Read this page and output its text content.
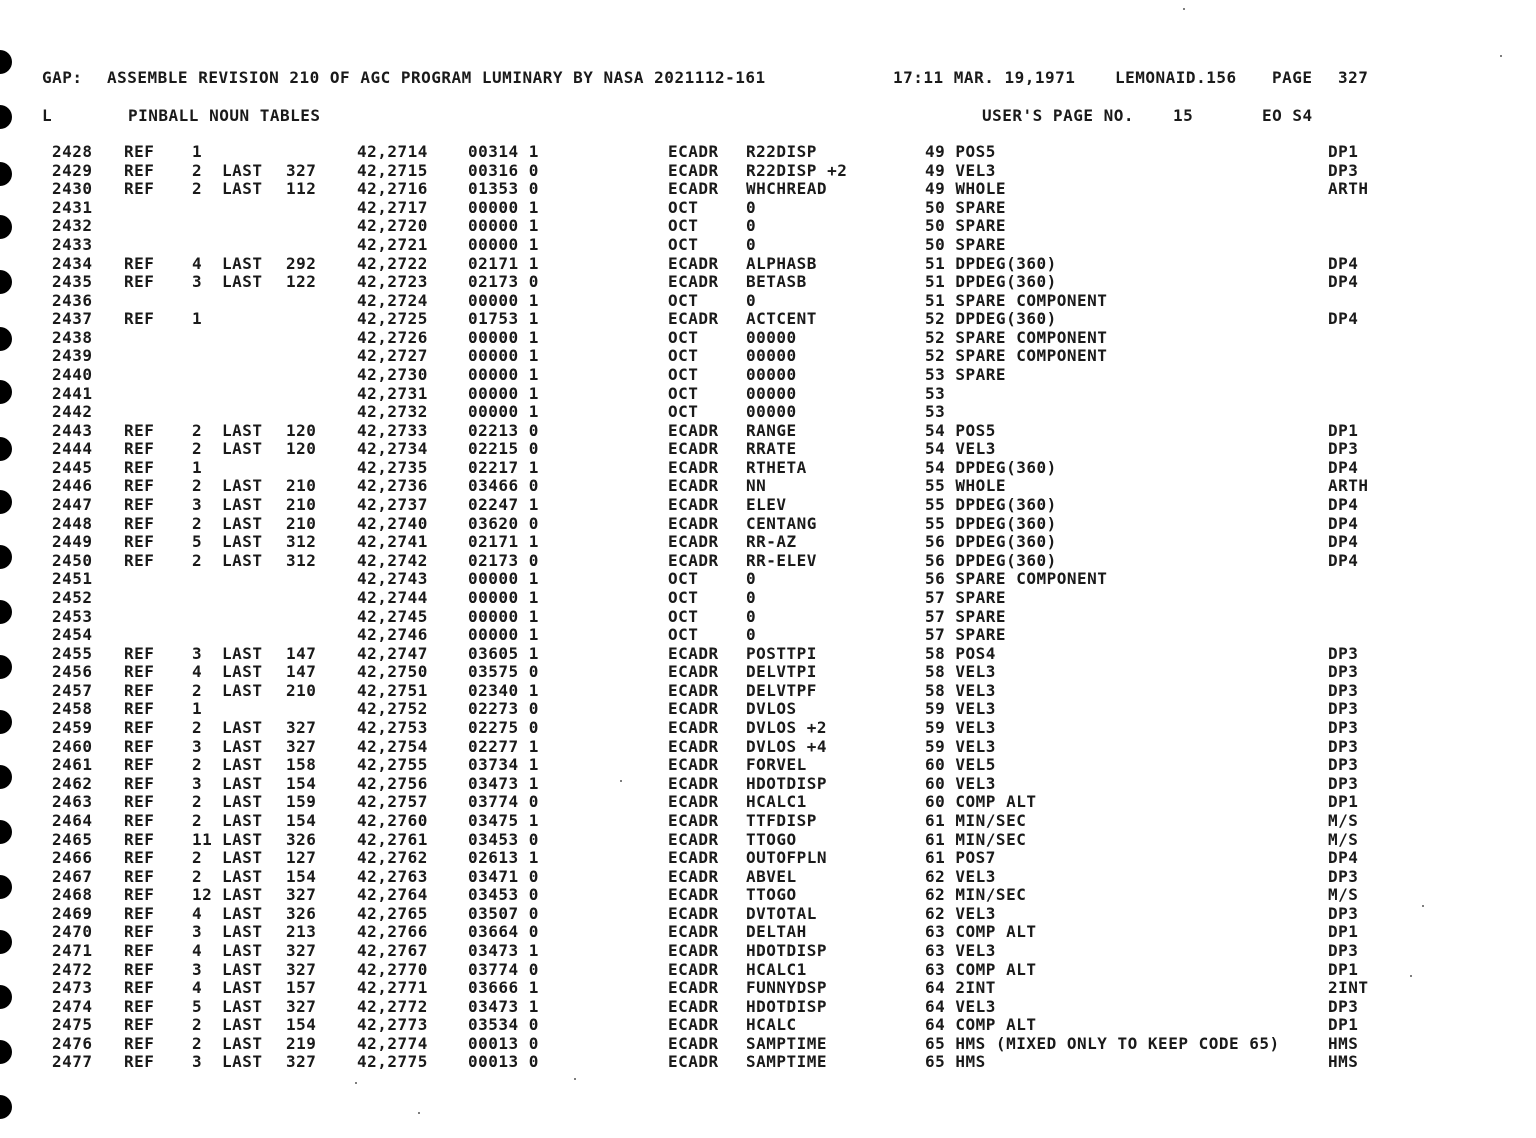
GAP:

ASSEMBLE REVISION 210 OF AGC PROGRAM LUMINARY BY NASA 2021112-161

	17:11 MAR. 19,1971

LEMONAID.156

PAGE

327

L

	PINBALL NOUN TABLES

	USER'S PAGE NO.

15

	EO S4

2428 REF 1	42,2714	00314 1	ECADR R22DISP	49 POS5	DP1
2429 REF 2 LAST 327	42,2715	00316 0	ECADR R22DISP +2	49 VEL3	DP3
2430 REF 2 LAST 112	42,2716	01353 0	ECADR WHCHREAD	49 WHOLE	ARTH
2431	42,2717	00000 1	OCT	0	50 SPARE
2432	42,2720	00000 1	OCT	0	50 SPARE
2433	42,2721	00000 1	OCT	0	50 SPARE
2434 REF 4 LAST 292	42,2722	02171 1	ECADR ALPHASB	51 DPDEG(360)	DP4
2435 REF 3 LAST 122	42,2723	02173 0	ECADR BETASB	51 DPDEG(360)	DP4
2436	42,2724	00000 1	OCT	0	51 SPARE COMPONENT
2437 REF 1	42,2725	01753 1	ECADR ACTCENT	52 DPDEG(360)	DP4
2438	42,2726	00000 1	OCT	00000	52 SPARE COMPONENT
2439	42,2727	00000 1	OCT	00000	52 SPARE COMPONENT
2440	42,2730	00000 1	OCT	00000	53 SPARE
2441	42,2731	00000 1	OCT	00000	53
2442	42,2732	00000 1	OCT	00000	53
2443 REF 2 LAST 120	42,2733	02213 0	ECADR RANGE	54 POS5	DP1
2444 REF 2 LAST 120	42,2734	02215 0	ECADR RRATE	54 VEL3	DP3
2445 REF 1	42,2735	02217 1	ECADR RTHETA	54 DPDEG(360)	DP4
2446 REF 2 LAST 210	42,2736	03466 0	ECADR NN	55 WHOLE	ARTH
2447 REF 3 LAST 210	42,2737	02247 1	ECADR ELEV	55 DPDEG(360)	DP4
2448 REF 2 LAST 210	42,2740	03620 0	ECADR CENTANG	55 DPDEG(360)	DP4
2449 REF 5 LAST 312	42,2741	02171 1	ECADR RR-AZ	56 DPDEG(360)	DP4
2450 REF 2 LAST 312	42,2742	02173 0	ECADR RR-ELEV	56 DPDEG(360)	DP4
2451	42,2743	00000 1	OCT	0	56 SPARE COMPONENT
2452	42,2744	00000 1	OCT	0	57 SPARE
2453	42,2745	00000 1	OCT	0	57 SPARE
2454	42,2746	00000 1	OCT	0	57 SPARE
2455 REF 3 LAST 147	42,2747	03605 1	ECADR POSTTPI	58 POS4	DP3
2456 REF 4 LAST 147	42,2750	03575 0	ECADR DELVTPI	58 VEL3	DP3
2457 REF 2 LAST 210	42,2751	02340 1	ECADR DELVTPF	58 VEL3	DP3
2458 REF 1	42,2752	02273 0	ECADR DVLOS	59 VEL3	DP3
2459 REF 2 LAST 327	42,2753	02275 0	ECADR DVLOS +2	59 VEL3	DP3
2460 REF 3 LAST 327	42,2754	02277 1	ECADR DVLOS +4	59 VEL3	DP3
2461 REF 2 LAST 158	42,2755	03734 1	ECADR FORVEL	60 VEL5	DP3
2462 REF 3 LAST 154	42,2756	03473 1	ECADR HDOTDISP	60 VEL3	DP3
2463 REF 2 LAST 159	42,2757	03774 0	ECADR HCALC1	60 COMP ALT	DP1
2464 REF 2 LAST 154	42,2760	03475 1	ECADR TTFDISP	61 MIN/SEC	M/S
2465 REF 11 LAST 326	42,2761	03453 0	ECADR TTOGO	61 MIN/SEC	M/S
2466 REF 2 LAST 127	42,2762	02613 1	ECADR OUTOFPLN	61 POS7	DP4
2467 REF 2 LAST 154	42,2763	03471 0	ECADR ABVEL	62 VEL3	DP3
2468 REF 12 LAST 327	42,2764	03453 0	ECADR TTOGO	62 MIN/SEC	M/S
2469 REF 4 LAST 326	42,2765	03507 0	ECADR DVTOTAL	62 VEL3	DP3
2470 REF 3 LAST 213	42,2766	03664 0	ECADR DELTAH	63 COMP ALT	DP1
2471 REF 4 LAST 327	42,2767	03473 1	ECADR HDOTDISP	63 VEL3	DP3
2472 REF 3 LAST 327	42,2770	03774 0	ECADR HCALC1	63 COMP ALT	DP1
2473 REF 4 LAST 157	42,2771	03666 1	ECADR FUNNYDSP	64 2INT	2INT
2474 REF 5 LAST 327	42,2772	03473 1	ECADR HDOTDISP	64 VEL3	DP3
2475 REF 2 LAST 154	42,2773	03534 0	ECADR HCALC	64 COMP ALT	DP1
2476 REF 2 LAST 219	42,2774	00013 0	ECADR SAMPTIME	65 HMS (MIXED ONLY TO KEEP CODE 65)	HMS
2477 REF 3 LAST 327	42,2775	00013 0	ECADR SAMPTIME	65 HMS	HMS
